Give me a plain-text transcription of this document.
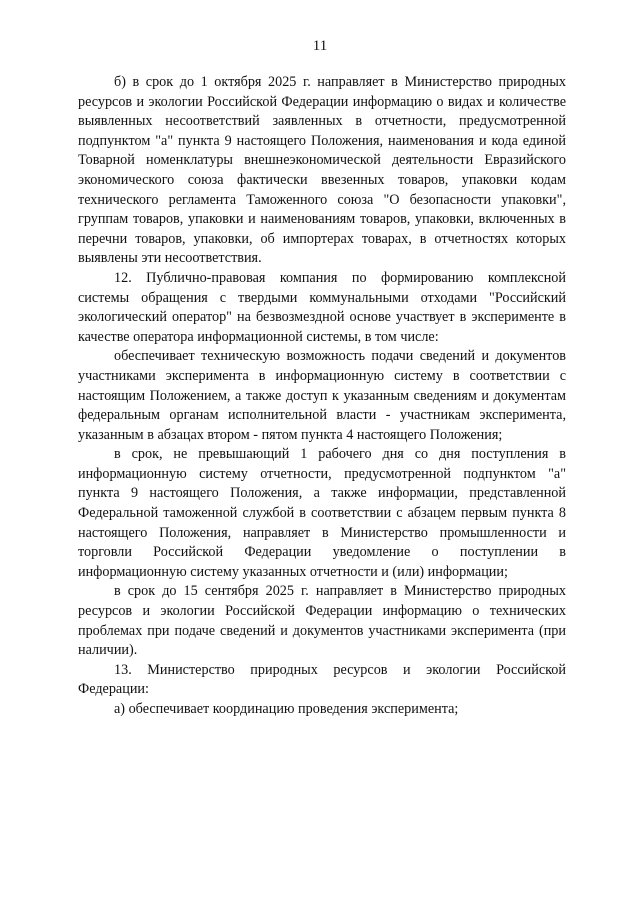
11

б) в срок до 1 октября 2025 г. направляет в Министерство природных ресурсов и экологии Российской Федерации информацию о видах и количестве выявленных несоответствий заявленных в отчетности, предусмотренной подпунктом "а" пункта 9 настоящего Положения, наименования и кода единой Товарной номенклатуры внешнеэкономической деятельности Евразийского экономического союза фактически ввезенных товаров, упаковки кодам технического регламента Таможенного союза "О безопасности упаковки", группам товаров, упаковки и наименованиям товаров, упаковки, включенных в перечни товаров, упаковки, об импортерах товарах, в отчетностях которых выявлены эти несоответствия.

12. Публично-правовая компания по формированию комплексной системы обращения с твердыми коммунальными отходами "Российский экологический оператор" на безвозмездной основе участвует в эксперименте в качестве оператора информационной системы, в том числе:

обеспечивает техническую возможность подачи сведений и документов участниками эксперимента в информационную систему в соответствии с настоящим Положением, а также доступ к указанным сведениям и документам федеральным органам исполнительной власти - участникам эксперимента, указанным в абзацах втором - пятом пункта 4 настоящего Положения;

в срок, не превышающий 1 рабочего дня со дня поступления в информационную систему отчетности, предусмотренной подпунктом "а" пункта 9 настоящего Положения, а также информации, представленной Федеральной таможенной службой в соответствии с абзацем первым пункта 8 настоящего Положения, направляет в Министерство промышленности и торговли Российской Федерации уведомление о поступлении в информационную систему указанных отчетности и (или) информации;

в срок до 15 сентября 2025 г. направляет в Министерство природных ресурсов и экологии Российской Федерации информацию о технических проблемах при подаче сведений и документов участниками эксперимента (при наличии).

13. Министерство природных ресурсов и экологии Российской Федерации:

а) обеспечивает координацию проведения эксперимента;
